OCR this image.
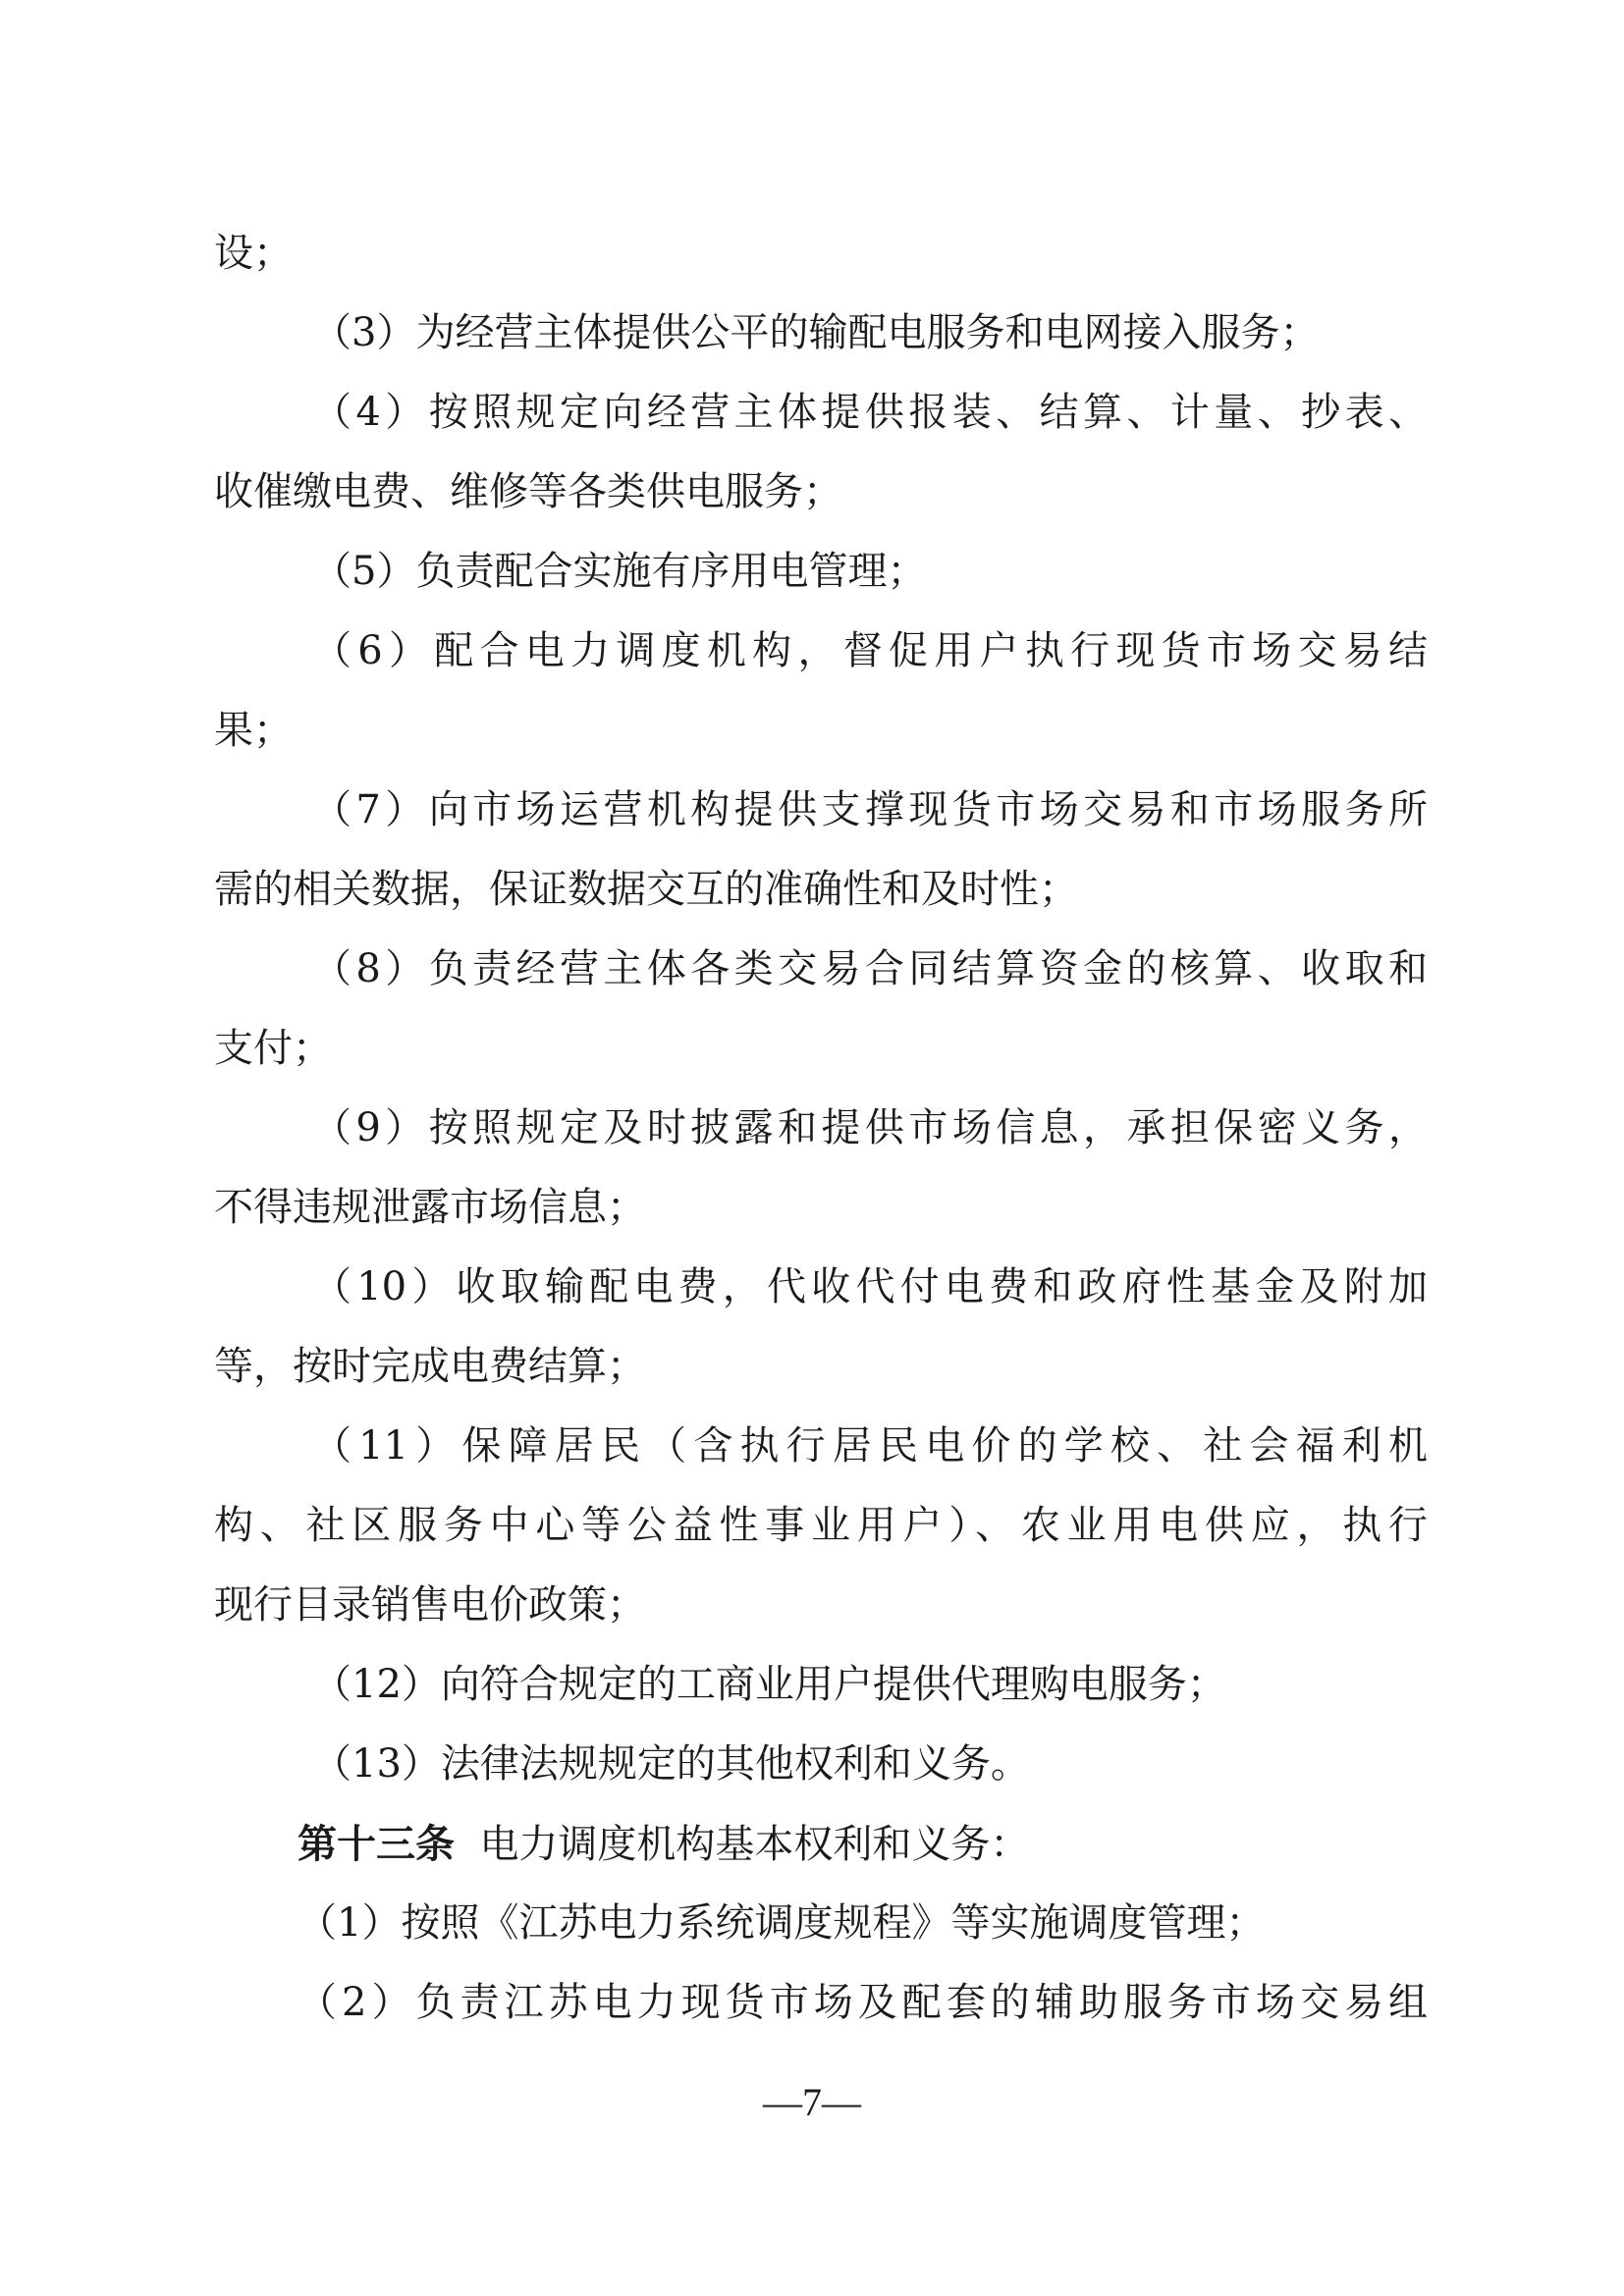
设；
（3）为经营主体提供公平的输配电服务和电网接入服务；
（4）按照规定向经营主体提供报装、结算、计量、抄表、
收催缴电费、维修等各类供电服务；
（5）负责配合实施有序用电管理；
（6）配合电力调度机构，督促用户执行现货市场交易结
果；
（7）向市场运营机构提供支撑现货市场交易和市场服务所
需的相关数据，保证数据交互的准确性和及时性；
（8）负责经营主体各类交易合同结算资金的核算、收取和
支付；
（9）按照规定及时披露和提供市场信息，承担保密义务，
不得违规泄露市场信息；
（10）收取输配电费，代收代付电费和政府性基金及附加
等，按时完成电费结算；
（11）保障居民（含执行居民电价的学校、社会福利机
构、社区服务中心等公益性事业用户）、农业用电供应，执行
现行目录销售电价政策；
（12）向符合规定的工商业用户提供代理购电服务；
（13）法律法规规定的其他权利和义务。
第十三条 电力调度机构基本权利和义务：
（1）按照《江苏电力系统调度规程》等实施调度管理；
（2）负责江苏电力现货市场及配套的辅助服务市场交易组
—7—
